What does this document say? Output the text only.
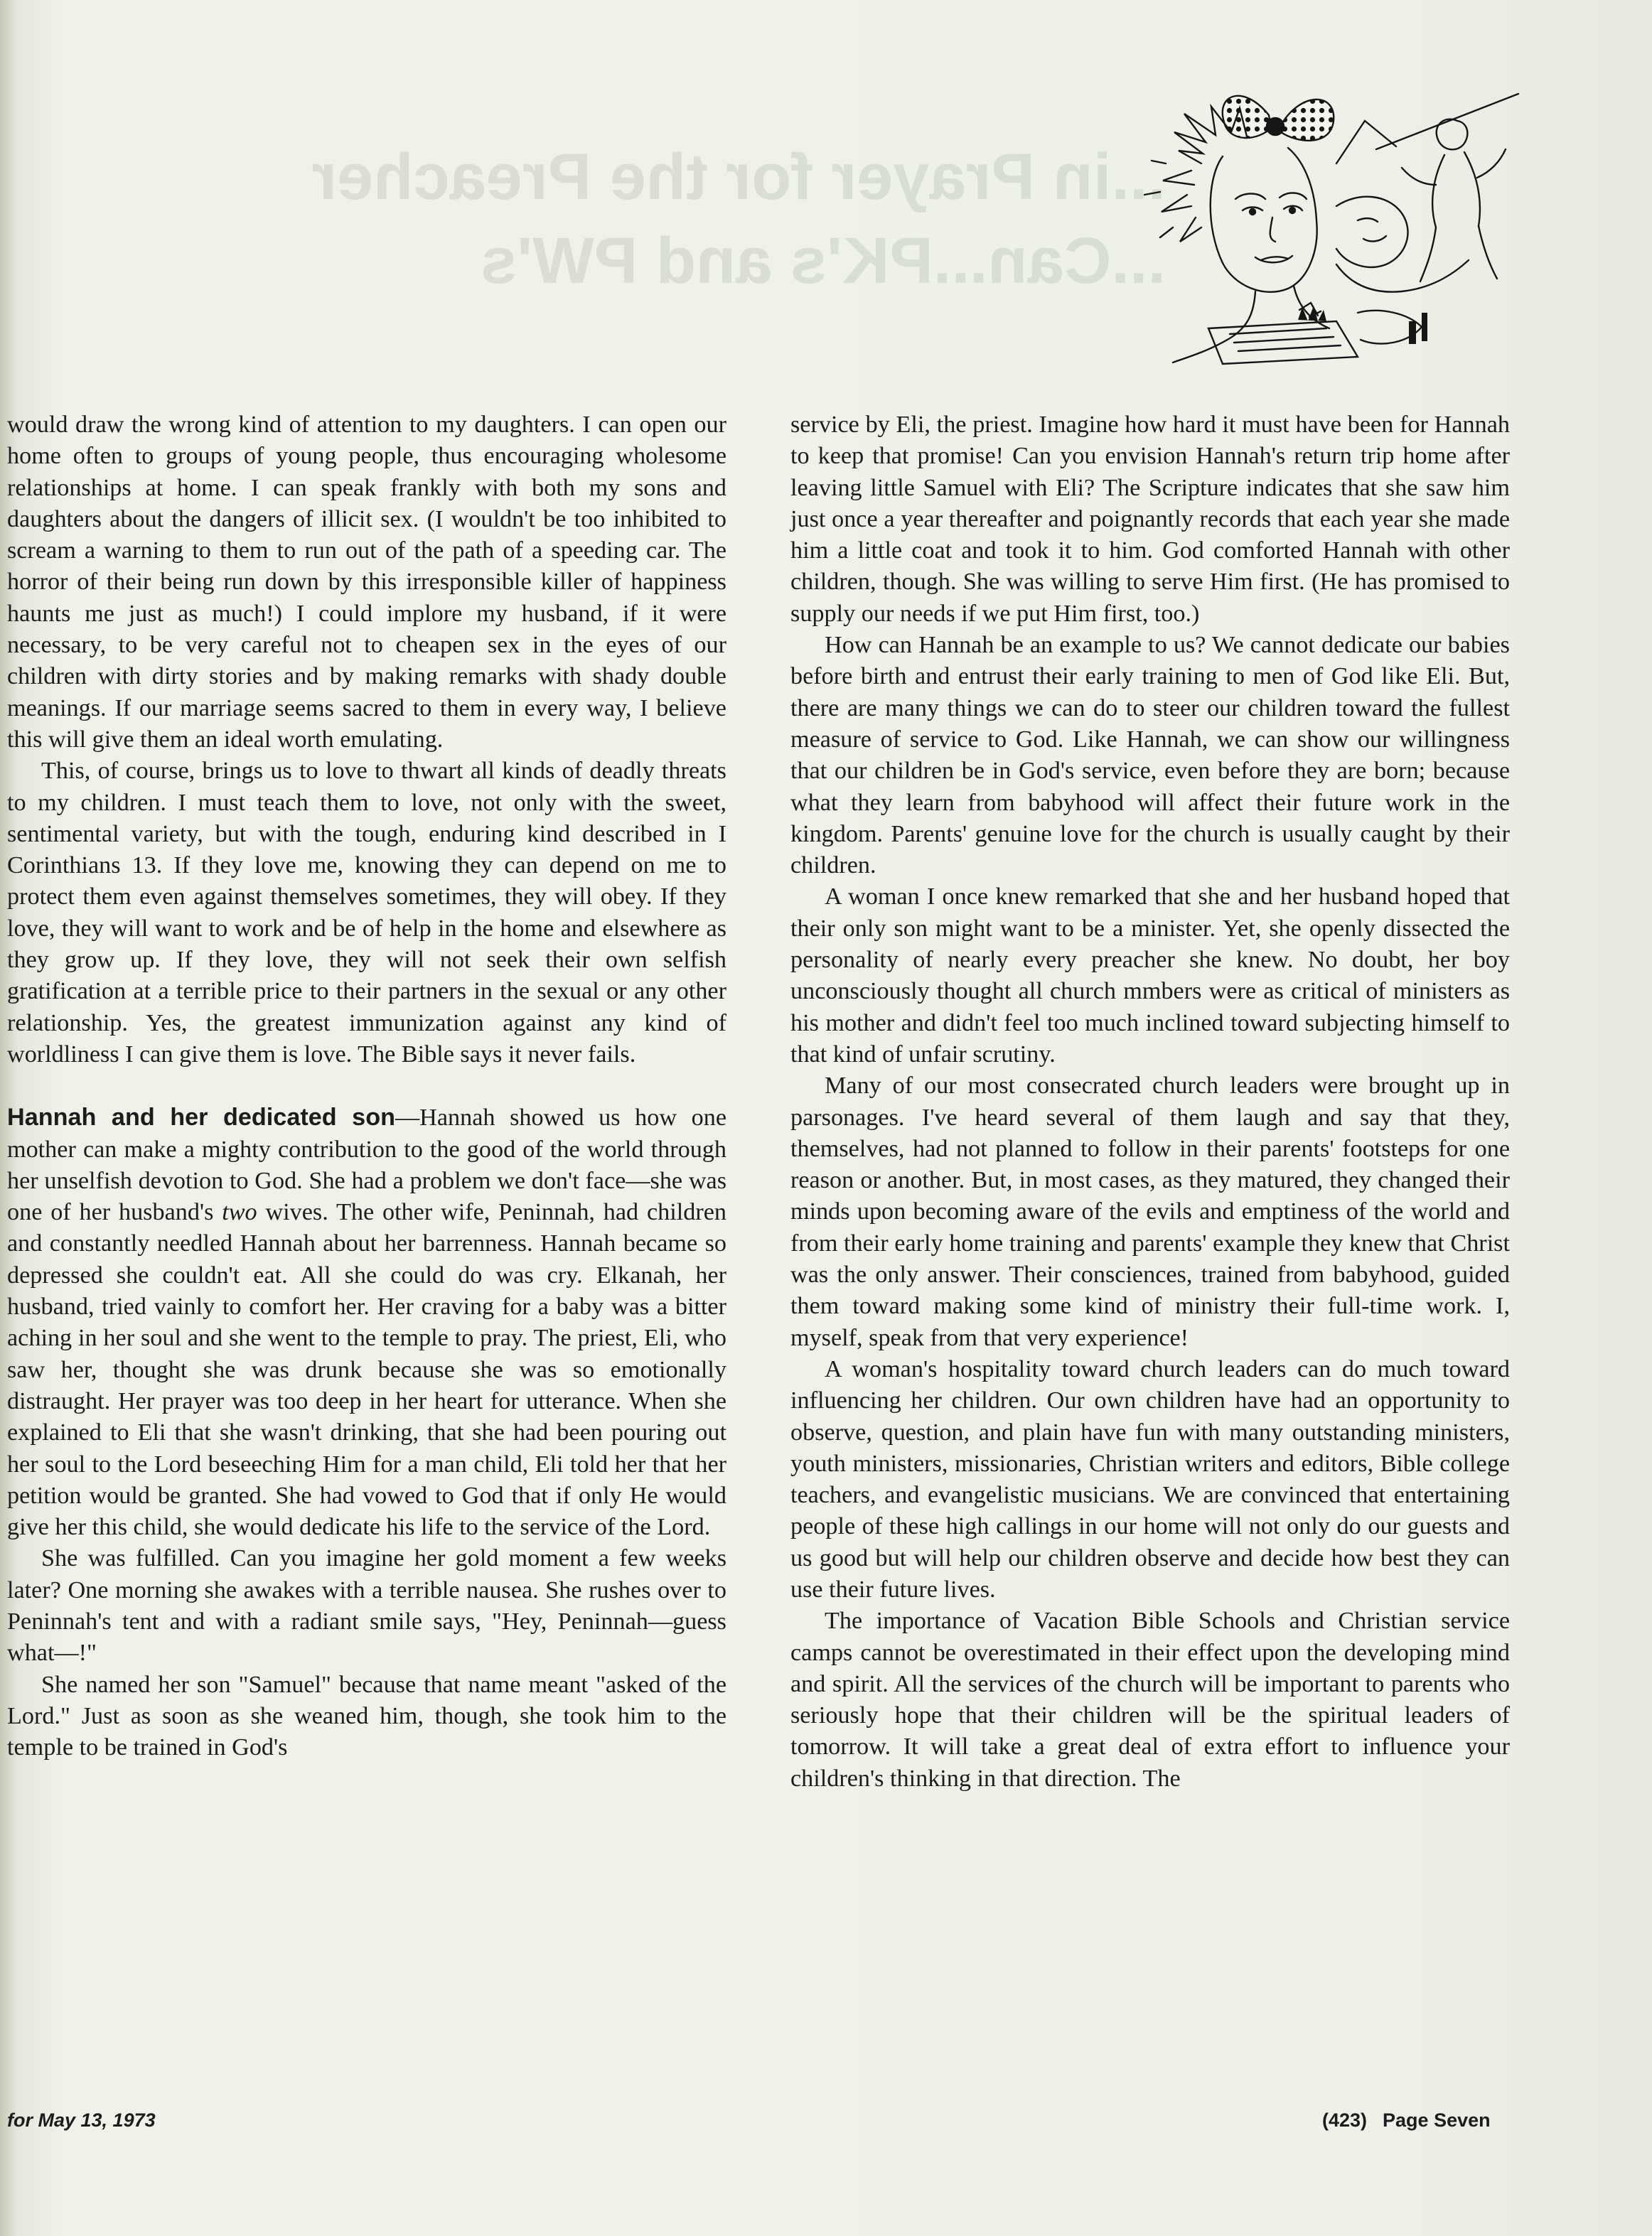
...in Prayer for the Preacher
...Can...PK's and PW's

would draw the wrong kind of attention to my daughters. I can open our home often to groups of young people, thus encouraging wholesome relationships at home. I can speak frankly with both my sons and daughters about the dangers of illicit sex. (I wouldn't be too inhibited to scream a warning to them to run out of the path of a speeding car. The horror of their being run down by this irresponsible killer of happiness haunts me just as much!) I could implore my husband, if it were necessary, to be very careful not to cheapen sex in the eyes of our children with dirty stories and by making remarks with shady double meanings. If our marriage seems sacred to them in every way, I believe this will give them an ideal worth emulating.

This, of course, brings us to love to thwart all kinds of deadly threats to my children. I must teach them to love, not only with the sweet, sentimental variety, but with the tough, enduring kind described in I Corinthians 13. If they love me, knowing they can depend on me to protect them even against themselves sometimes, they will obey. If they love, they will want to work and be of help in the home and elsewhere as they grow up. If they love, they will not seek their own selfish gratification at a terrible price to their partners in the sexual or any other relationship. Yes, the greatest immunization against any kind of worldliness I can give them is love. The Bible says it never fails.

Hannah and her dedicated son—Hannah showed us how one mother can make a mighty contribution to the good of the world through her unselfish devotion to God. She had a problem we don't face—she was one of her husband's two wives. The other wife, Peninnah, had children and constantly needled Hannah about her barrenness. Hannah became so depressed she couldn't eat. All she could do was cry. Elkanah, her husband, tried vainly to comfort her. Her craving for a baby was a bitter aching in her soul and she went to the temple to pray. The priest, Eli, who saw her, thought she was drunk because she was so emotionally distraught. Her prayer was too deep in her heart for utterance. When she explained to Eli that she wasn't drinking, that she had been pouring out her soul to the Lord beseeching Him for a man child, Eli told her that her petition would be granted. She had vowed to God that if only He would give her this child, she would dedicate his life to the service of the Lord.

She was fulfilled. Can you imagine her gold moment a few weeks later? One morning she awakes with a terrible nausea. She rushes over to Peninnah's tent and with a radiant smile says, "Hey, Peninnah—guess what—!"

She named her son "Samuel" because that name meant "asked of the Lord." Just as soon as she weaned him, though, she took him to the temple to be trained in God's

service by Eli, the priest. Imagine how hard it must have been for Hannah to keep that promise! Can you envision Hannah's return trip home after leaving little Samuel with Eli? The Scripture indicates that she saw him just once a year thereafter and poignantly records that each year she made him a little coat and took it to him. God comforted Hannah with other children, though. She was willing to serve Him first. (He has promised to supply our needs if we put Him first, too.)

How can Hannah be an example to us? We cannot dedicate our babies before birth and entrust their early training to men of God like Eli. But, there are many things we can do to steer our children toward the fullest measure of service to God. Like Hannah, we can show our willingness that our children be in God's service, even before they are born; because what they learn from babyhood will affect their future work in the kingdom. Parents' genuine love for the church is usually caught by their children.

A woman I once knew remarked that she and her husband hoped that their only son might want to be a minister. Yet, she openly dissected the personality of nearly every preacher she knew. No doubt, her boy unconsciously thought all church mmbers were as critical of ministers as his mother and didn't feel too much inclined toward subjecting himself to that kind of unfair scrutiny.

Many of our most consecrated church leaders were brought up in parsonages. I've heard several of them laugh and say that they, themselves, had not planned to follow in their parents' footsteps for one reason or another. But, in most cases, as they matured, they changed their minds upon becoming aware of the evils and emptiness of the world and from their early home training and parents' example they knew that Christ was the only answer. Their consciences, trained from babyhood, guided them toward making some kind of ministry their full-time work. I, myself, speak from that very experience!

A woman's hospitality toward church leaders can do much toward influencing her children. Our own children have had an opportunity to observe, question, and plain have fun with many outstanding ministers, youth ministers, missionaries, Christian writers and editors, Bible college teachers, and evangelistic musicians. We are convinced that entertaining people of these high callings in our home will not only do our guests and us good but will help our children observe and decide how best they can use their future lives.

The importance of Vacation Bible Schools and Christian service camps cannot be overestimated in their effect upon the developing mind and spirit. All the services of the church will be important to parents who seriously hope that their children will be the spiritual leaders of tomorrow. It will take a great deal of extra effort to influence your children's thinking in that direction. The

for May 13, 1973	(423) Page Seven
